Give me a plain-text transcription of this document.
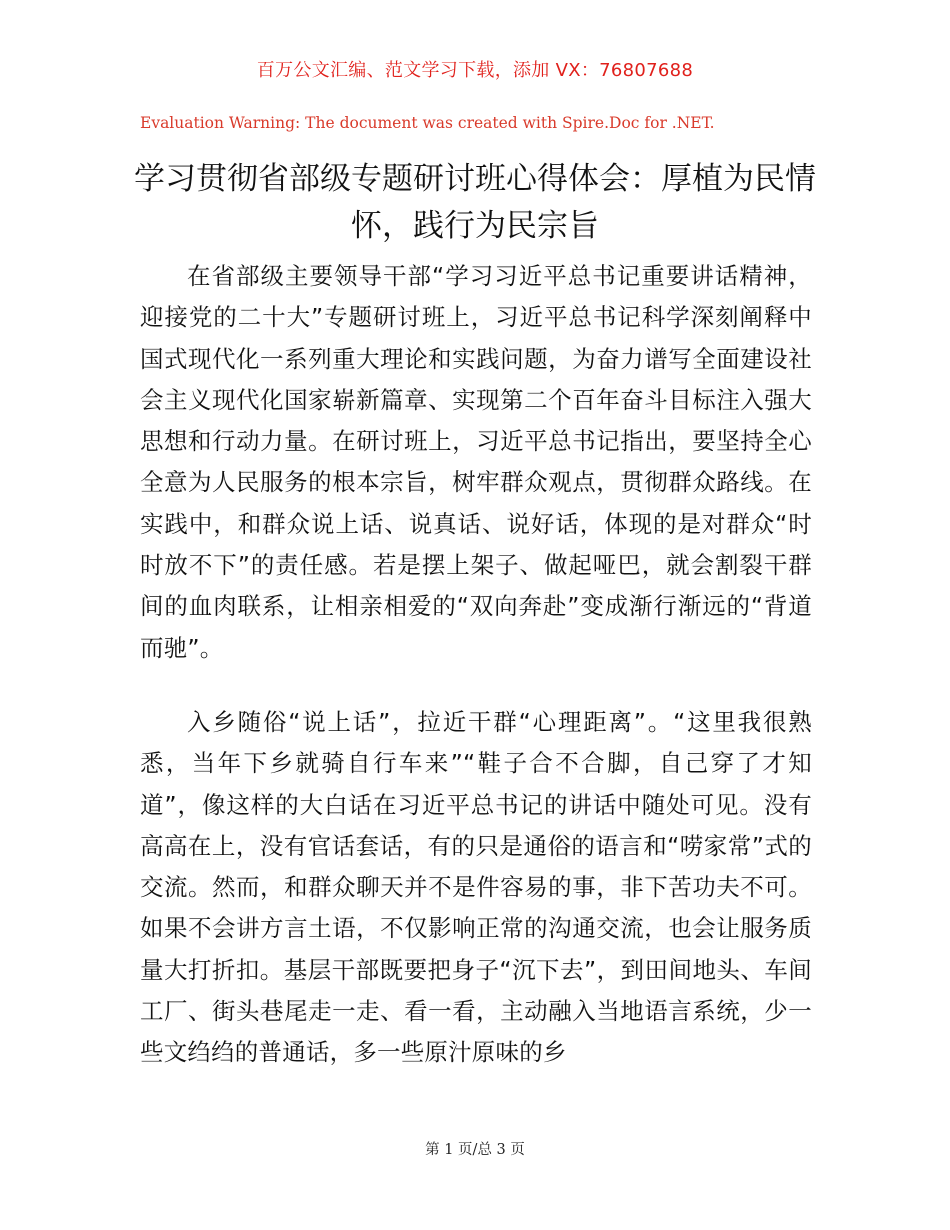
百万公文汇编、范文学习下载，添加 VX：76807688
Evaluation Warning: The document was created with Spire.Doc for .NET.
学习贯彻省部级专题研讨班心得体会：厚植为民情怀，践行为民宗旨

在省部级主要领导干部“学习习近平总书记重要讲话精神，迎接党的二十大”专题研讨班上，习近平总书记科学深刻阐释中国式现代化一系列重大理论和实践问题，为奋力谱写全面建设社会主义现代化国家崭新篇章、实现第二个百年奋斗目标注入强大思想和行动力量。在研讨班上，习近平总书记指出，要坚持全心全意为人民服务的根本宗旨，树牢群众观点，贯彻群众路线。在实践中，和群众说上话、说真话、说好话，体现的是对群众“时时放不下”的责任感。若是摆上架子、做起哑巴，就会割裂干群间的血肉联系，让相亲相爱的“双向奔赴”变成渐行渐远的“背道而驰”。

入乡随俗“说上话”，拉近干群“心理距离”。“这里我很熟悉，当年下乡就骑自行车来”“鞋子合不合脚，自己穿了才知道”，像这样的大白话在习近平总书记的讲话中随处可见。没有高高在上，没有官话套话，有的只是通俗的语言和“唠家常”式的交流。然而，和群众聊天并不是件容易的事，非下苦功夫不可。如果不会讲方言土语，不仅影响正常的沟通交流，也会让服务质量大打折扣。基层干部既要把身子“沉下去”，到田间地头、车间工厂、街头巷尾走一走、看一看，主动融入当地语言系统，少一些文绉绉的普通话，多一些原汁原味的乡

第 1 页/总 3 页
